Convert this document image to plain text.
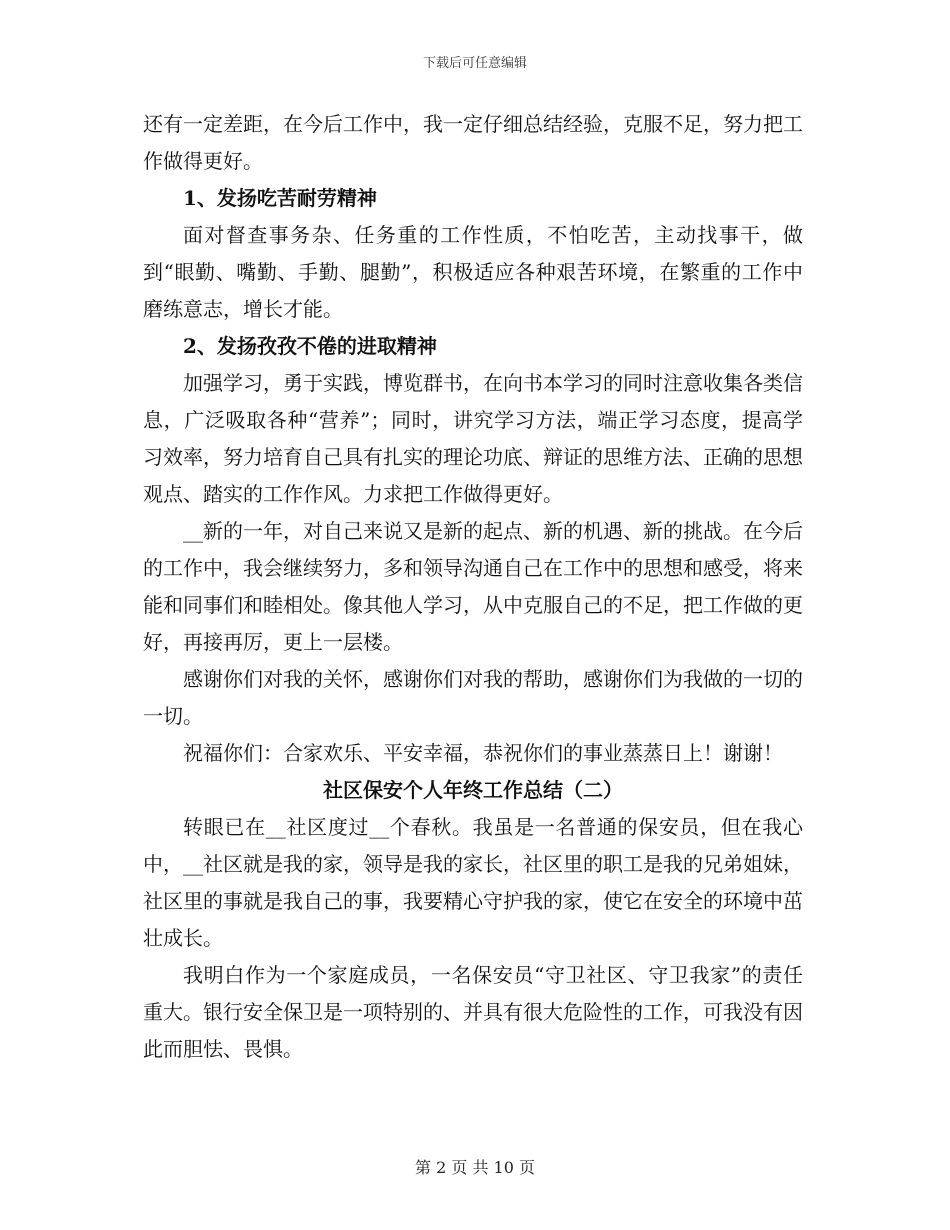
下载后可任意编辑

还有一定差距，在今后工作中，我一定仔细总结经验，克服不足，努力把工作做得更好。

1、发扬吃苦耐劳精神

面对督查事务杂、任务重的工作性质，不怕吃苦，主动找事干，做到“眼勤、嘴勤、手勤、腿勤”，积极适应各种艰苦环境，在繁重的工作中磨练意志，增长才能。

2、发扬孜孜不倦的进取精神

加强学习，勇于实践，博览群书，在向书本学习的同时注意收集各类信息，广泛吸取各种“营养”；同时，讲究学习方法，端正学习态度，提高学习效率，努力培育自己具有扎实的理论功底、辩证的思维方法、正确的思想观点、踏实的工作作风。力求把工作做得更好。

__新的一年，对自己来说又是新的起点、新的机遇、新的挑战。在今后的工作中，我会继续努力，多和领导沟通自己在工作中的思想和感受，将来能和同事们和睦相处。像其他人学习，从中克服自己的不足，把工作做的更好，再接再厉，更上一层楼。

感谢你们对我的关怀，感谢你们对我的帮助，感谢你们为我做的一切的一切。

祝福你们：合家欢乐、平安幸福，恭祝你们的事业蒸蒸日上！谢谢！

社区保安个人年终工作总结（二）

转眼已在__社区度过__个春秋。我虽是一名普通的保安员，但在我心中，__社区就是我的家，领导是我的家长，社区里的职工是我的兄弟姐妹，社区里的事就是我自己的事，我要精心守护我的家，使它在安全的环境中茁壮成长。

我明白作为一个家庭成员，一名保安员“守卫社区、守卫我家”的责任重大。银行安全保卫是一项特别的、并具有很大危险性的工作，可我没有因此而胆怯、畏惧。

第 2 页 共 10 页
